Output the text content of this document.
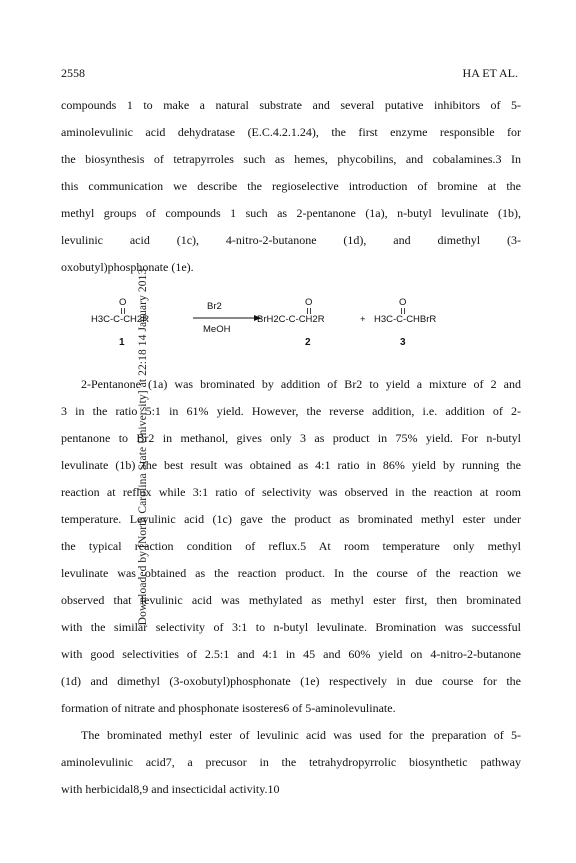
2558	HA ET AL.
Downloaded by [North Carolina State University] at 22:18 14 January 2013
compounds 1 to make a natural substrate and several putative inhibitors of 5-
aminolevulinic acid dehydratase (E.C.4.2.1.24), the first enzyme responsible for
the biosynthesis of tetrapyrroles such as hemes, phycobilins, and cobalamines.3 In
this communication we describe the regioselective introduction of bromine at the
methyl groups of compounds 1 such as 2-pentanone (1a), n-butyl levulinate (1b),
levulinic acid (1c), 4-nitro-2-butanone (1d), and dimethyl (3-
oxobutyl)phosphonate (1e).
O	O	O
H3C-C-CH2R
Br2
MeOH
BrH2C-C-CH2R	+ H3C-C-CHBrR
1	2	3
2-Pentanone (1a) was brominated by addition of Br2 to yield a mixture of 2 and
3 in the ratio 5:1 in 61% yield. However, the reverse addition, i.e. addition of 2-
pentanone to Br2 in methanol, gives only 3 as product in 75% yield. For n-butyl
levulinate (1b) the best result was obtained as 4:1 ratio in 86% yield by running the
reaction at reflux while 3:1 ratio of selectivity was observed in the reaction at room
temperature. Levulinic acid (1c) gave the product as brominated methyl ester under
the typical reaction condition of reflux.5 At room temperature only methyl
levulinate was obtained as the reaction product. In the course of the reaction we
observed that levulinic acid was methylated as methyl ester first, then brominated
with the similar selectivity of 3:1 to n-butyl levulinate. Bromination was successful
with good selectivities of 2.5:1 and 4:1 in 45 and 60% yield on 4-nitro-2-butanone
(1d) and dimethyl (3-oxobutyl)phosphonate (1e) respectively in due course for the
formation of nitrate and phosphonate isosteres6 of 5-aminolevulinate.
The brominated methyl ester of levulinic acid was used for the preparation of 5-
aminolevulinic acid7, a precusor in the tetrahydropyrrolic biosynthetic pathway
with herbicidal8,9 and insecticidal activity.10
